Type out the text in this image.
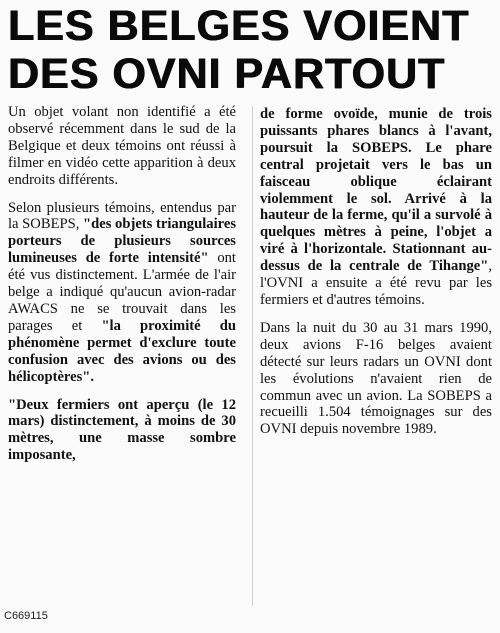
LES BELGES VOIENT
DES OVNI PARTOUT

Un objet volant non identifié a été observé récemment dans le sud de la Belgique et deux témoins ont réussi à filmer en vidéo cette apparition à deux endroits différents.

Selon plusieurs témoins, entendus par la SOBEPS, "des objets triangulaires porteurs de plusieurs sources lumineuses de forte intensité" ont été vus distinctement. L'armée de l'air belge a indiqué qu'aucun avion-radar AWACS ne se trouvait dans les parages et "la proximité du phénomène permet d'exclure toute confusion avec des avions ou des hélicoptères".

"Deux fermiers ont aperçu (le 12 mars) distinctement, à moins de 30 mètres, une masse sombre imposante,

de forme ovoïde, munie de trois puissants phares blancs à l'avant, poursuit la SOBEPS. Le phare central projetait vers le bas un faisceau oblique éclairant violemment le sol. Arrivé à la hauteur de la ferme, qu'il a survolé à quelques mètres à peine, l'objet a viré à l'horizontale. Stationnant au-dessus de la centrale de Tihange", l'OVNI a ensuite a été revu par les fermiers et d'autres témoins.

Dans la nuit du 30 au 31 mars 1990, deux avions F-16 belges avaient détecté sur leurs radars un OVNI dont les évolutions n'avaient rien de commun avec un avion. La SOBEPS a recueilli 1.504 témoignages sur des OVNI depuis novembre 1989.

C669115
